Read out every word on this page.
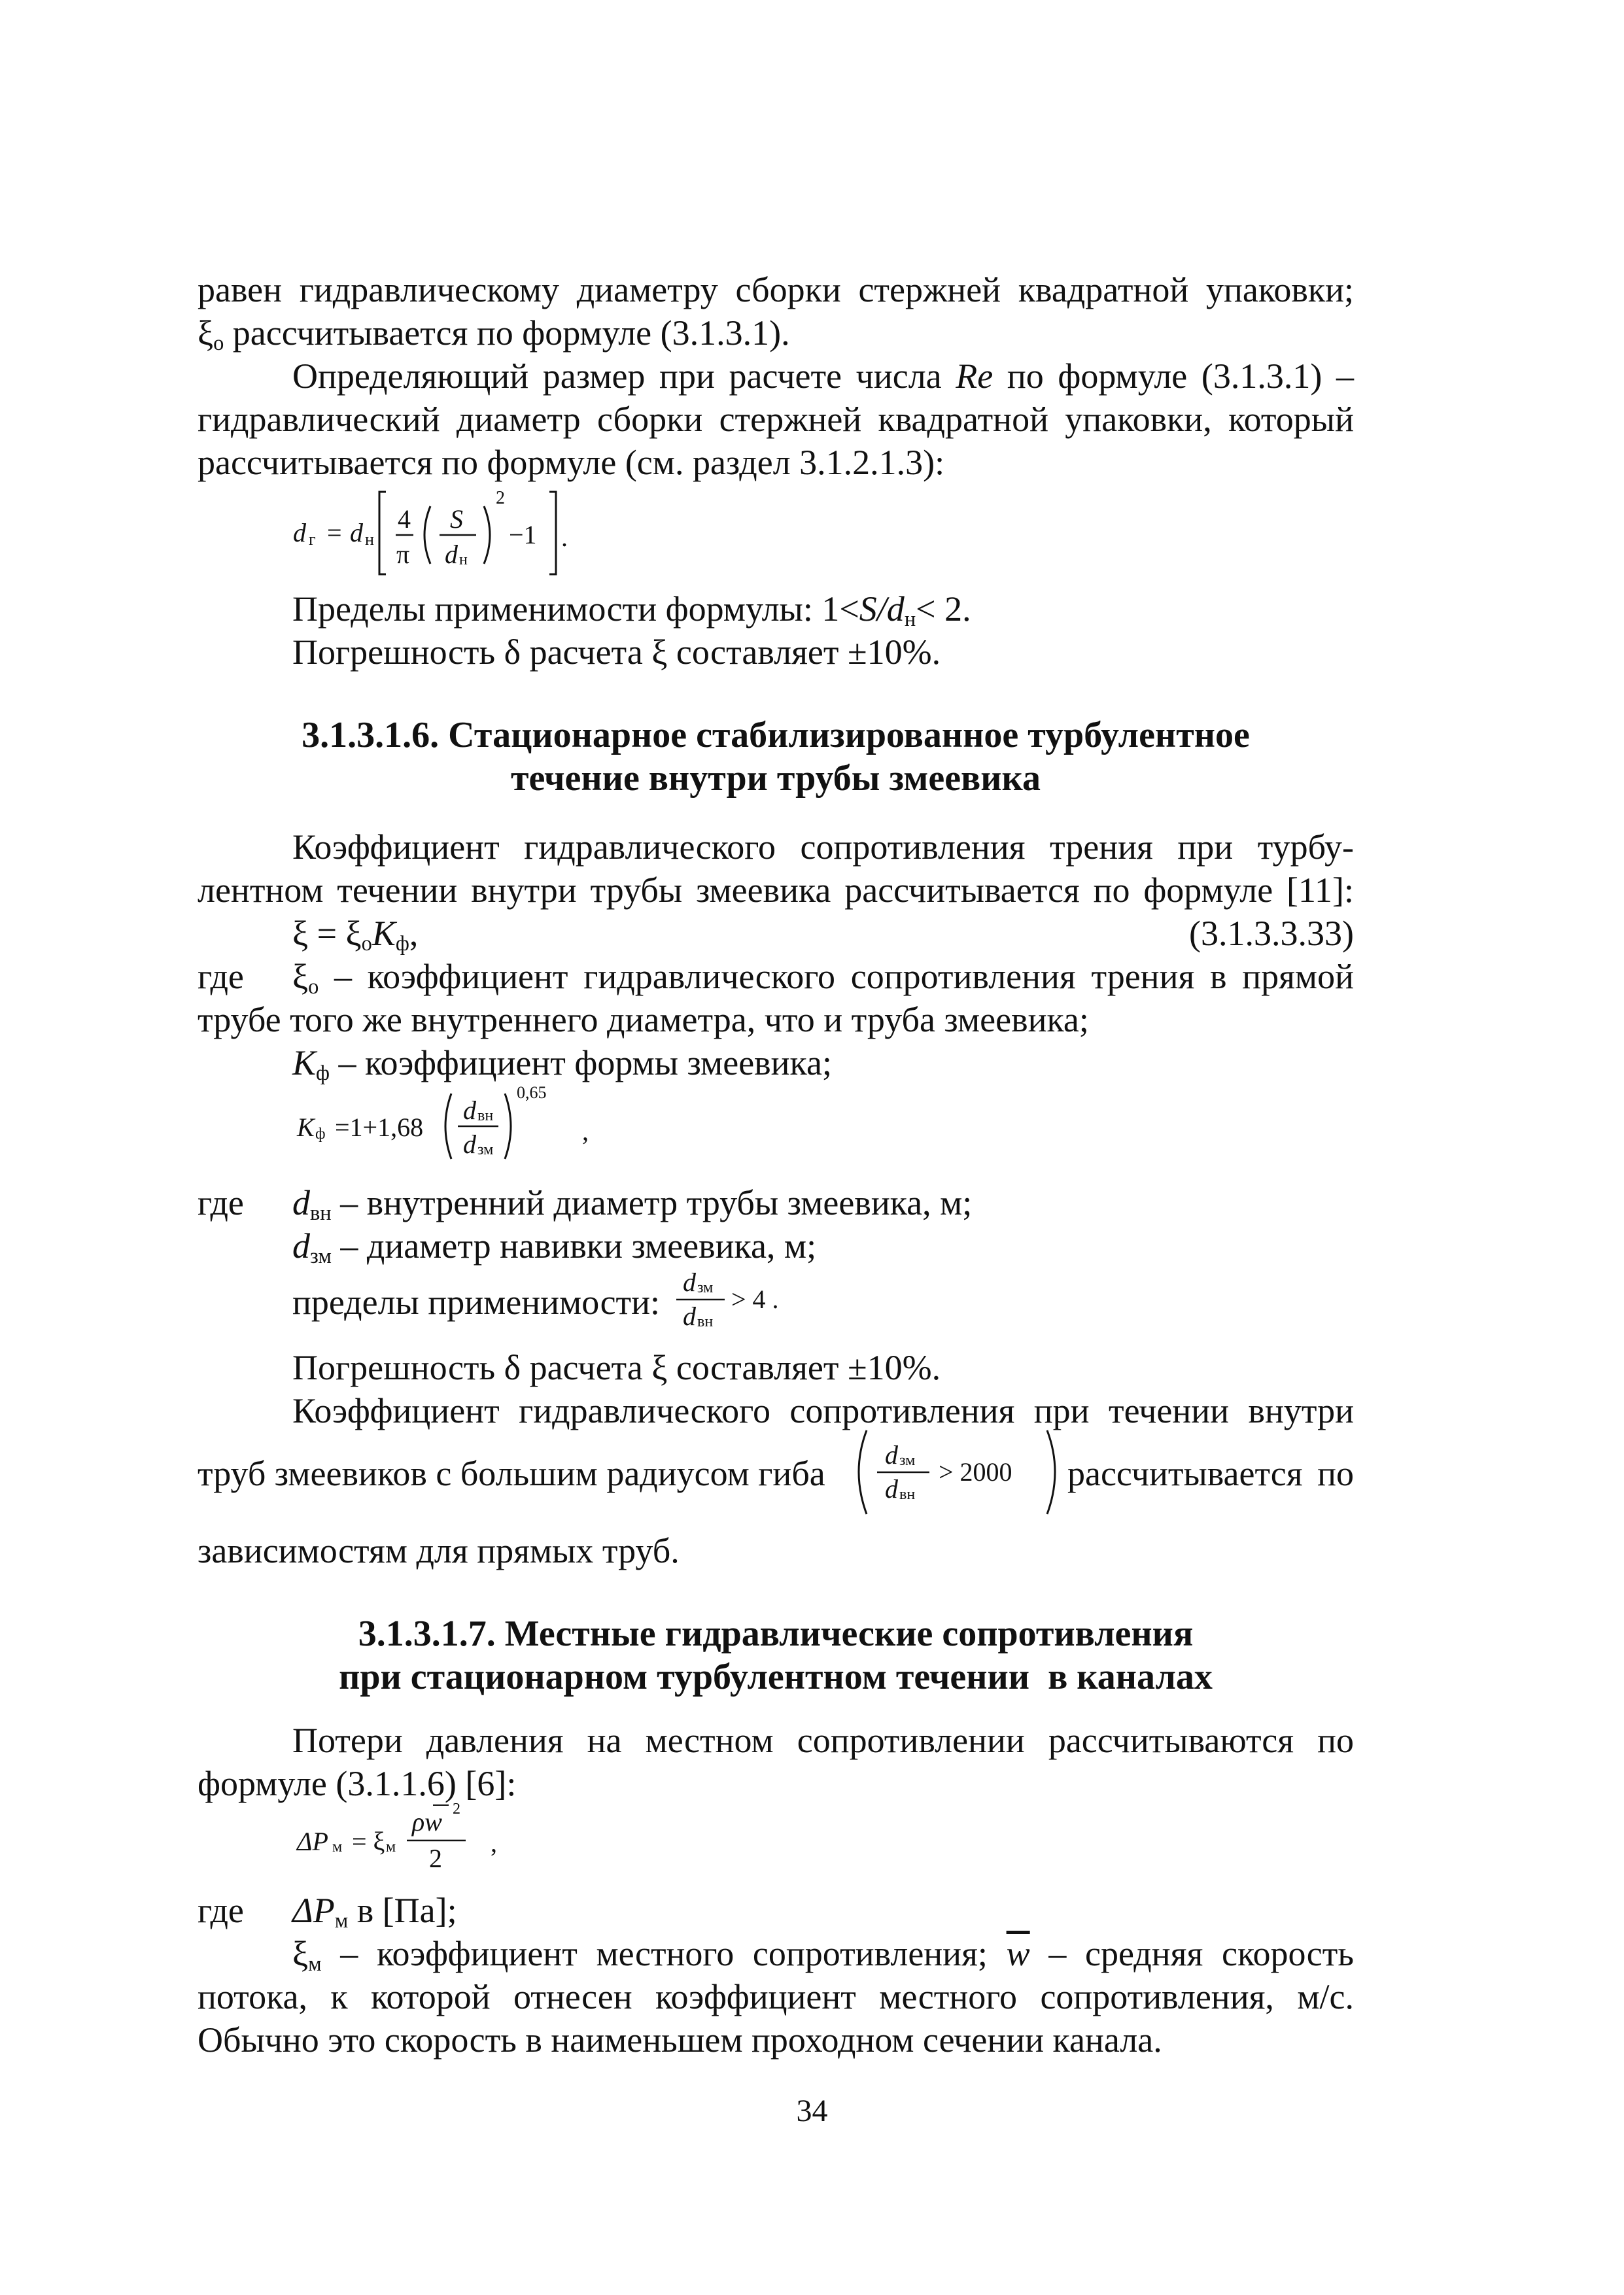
равен гидравлическому диаметру сборки стержней квадратной упаковки;
$\xi_o$ рассчитывается по формуле (3.1.3.1).
Определяющий размер при расчете числа Re по формуле (3.1.3.1) –
гидравлический диаметр сборки стержней квадратной упаковки, который
рассчитывается по формуле (см. раздел 3.1.2.1.3):
d г = d н
4
π
S
d н
2
−1 .
Пределы применимости формулы: $1<S/d_н< 2$.
Погрешность δ расчета ξ составляет ±10%.
3.1.3.1.6. Стационарное стабилизированное турбулентное
течение внутри трубы змеевика
Коэффициент гидравлического сопротивления трения при турбу-
лентном течении внутри трубы змеевика рассчитывается по формуле [11]:
$\xi = \xi_oK_ф$,	(3.1.3.3.33)
где $\xi_o$ – коэффициент гидравлического сопротивления трения в прямой
трубе того же внутреннего диаметра, что и труба змеевика;
$K_ф$ – коэффициент формы змеевика;
K ф =1+1,68
d вн
d зм
0,65
,
где $d_{вн}$ – внутренний диаметр трубы змеевика, м;
$d_{зм}$ – диаметр навивки змеевика, м;
пределы применимости:
d зм
d вн
> 4 .
Погрешность δ расчета ξ составляет ±10%.
Коэффициент гидравлического сопротивления при течении внутри
труб змеевиков с большим радиусом гиба d зм
d вн
> 2000 рассчитывается по
зависимостям для прямых труб.
3.1.3.1.7. Местные гидравлические сопротивления
при стационарном турбулентном течении  в каналах
Потери давления на местном сопротивлении рассчитываются по
формуле (3.1.1.6) [6]:
ΔP м = ξ м
ρw 2
2
,
где $\Delta P_м$ в [Па];
$\xi_м$ – коэффициент местного сопротивления; $\overline{w}$ – средняя скорость
потока, к которой отнесен коэффициент местного сопротивления, м/с.
Обычно это скорость в наименьшем проходном сечении канала.
34
